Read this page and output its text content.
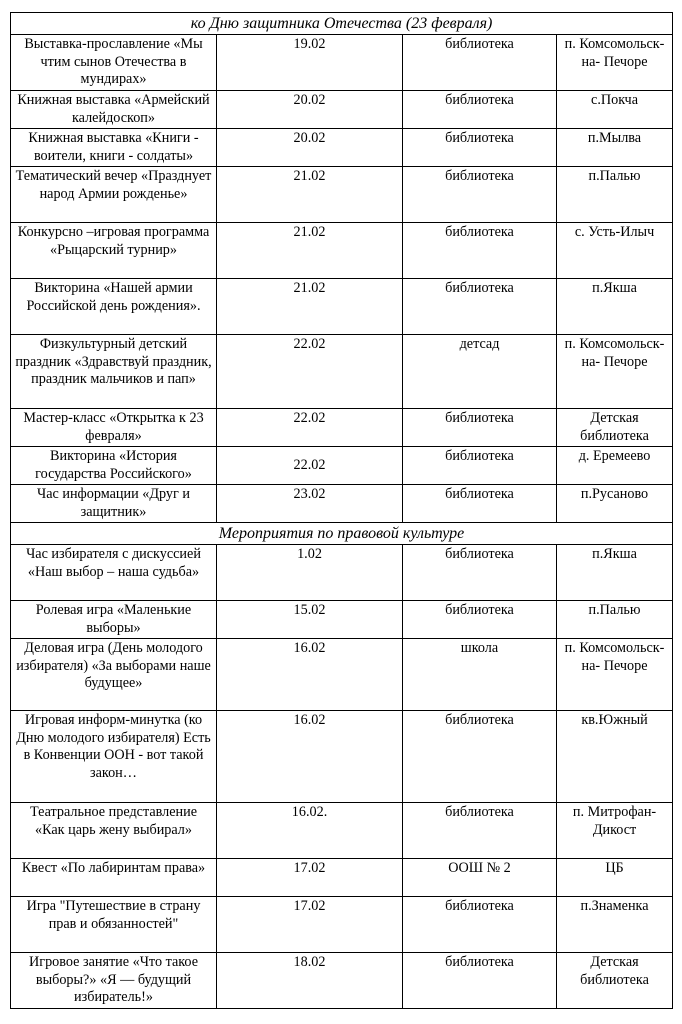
ко Дню защитника Отечества (23 февраля)			
Выставка-прославление «Мы чтим сынов Отечества в мундирах»	19.02	библиотека	п. Комсомольск-на- Печоре
Книжная выставка «Армейский калейдоскоп»	20.02	библиотека	с.Покча
Книжная выставка «Книги - воители, книги - солдаты»	20.02	библиотека	п.Мылва
Тематический вечер «Празднует народ Армии рожденье»	21.02	библиотека	п.Палью
Конкурсно –игровая программа «Рыцарский турнир»	21.02	библиотека	с. Усть-Илыч
Викторина «Нашей армии Российской день рождения».	21.02	библиотека	п.Якша
Физкультурный детский праздник «Здравствуй праздник, праздник мальчиков и пап»	22.02	детсад	п. Комсомольск-на- Печоре
Мастер-класс «Открытка к 23 февраля»	22.02	библиотека	Детская библиотека
Викторина «История государства Российского»	22.02	библиотека	д. Еремеево
Час информации «Друг и защитник»	23.02	библиотека	п.Русаново
Мероприятия по правовой культуре			
Час избирателя с дискуссией «Наш выбор – наша судьба»	1.02	библиотека	п.Якша
Ролевая игра «Маленькие выборы»	15.02	библиотека	п.Палью
Деловая игра (День молодого избирателя) «За выборами наше будущее»	16.02	школа	п. Комсомольск-на- Печоре
Игровая информ-минутка (ко Дню молодого избирателя) Есть в Конвенции ООН - вот такой закон…	16.02	библиотека	кв.Южный
Театральное представление «Как царь жену выбирал»	16.02.	библиотека	п. Митрофан-Дикост
Квест «По лабиринтам права»	17.02	ООШ № 2	ЦБ
Игра "Путешествие в страну прав и обязанностей"	17.02	библиотека	п.Знаменка
Игровое занятие «Что такое выборы?» «Я — будущий избиратель!»	18.02	библиотека	Детская библиотека
